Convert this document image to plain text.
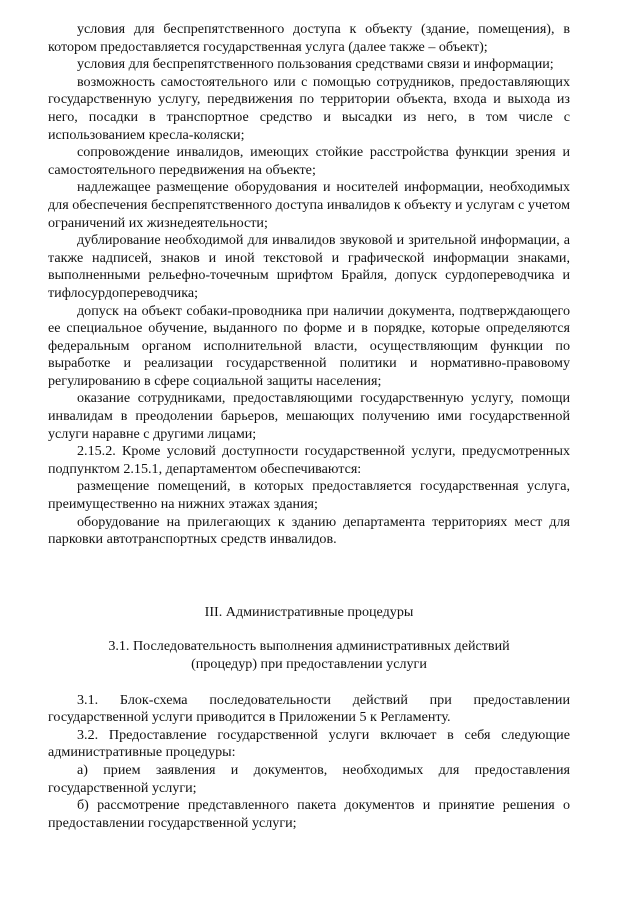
условия для беспрепятственного доступа к объекту (здание, помещения), в котором предоставляется государственная услуга (далее также – объект);

условия для беспрепятственного пользования средствами связи и информации;

возможность самостоятельного или с помощью сотрудников, предоставляющих государственную услугу, передвижения по территории объекта, входа и выхода из него, посадки в транспортное средство и высадки из него, в том числе с использованием кресла-коляски;

сопровождение инвалидов, имеющих стойкие расстройства функции зрения и самостоятельного передвижения на объекте;

надлежащее размещение оборудования и носителей информации, необходимых для обеспечения беспрепятственного доступа инвалидов к объекту и услугам с учетом ограничений их жизнедеятельности;

дублирование необходимой для инвалидов звуковой и зрительной информации, а также надписей, знаков и иной текстовой и графической информации знаками, выполненными рельефно-точечным шрифтом Брайля, допуск сурдопереводчика и тифлосурдопереводчика;

допуск на объект собаки-проводника при наличии документа, подтверждающего ее специальное обучение, выданного по форме и в порядке, которые определяются федеральным органом исполнительной власти, осуществляющим функции по выработке и реализации государственной политики и нормативно-правовому регулированию в сфере социальной защиты населения;

оказание сотрудниками, предоставляющими государственную услугу, помощи инвалидам в преодолении барьеров, мешающих получению ими государственной услуги наравне с другими лицами;

2.15.2. Кроме условий доступности государственной услуги, предусмотренных подпунктом 2.15.1, департаментом обеспечиваются:

размещение помещений, в которых предоставляется государственная услуга, преимущественно на нижних этажах здания;

оборудование на прилегающих к зданию департамента территориях мест для парковки автотранспортных средств инвалидов.

III. Административные процедуры

3.1. Последовательность выполнения административных действий (процедур) при предоставлении услуги

3.1. Блок-схема последовательности действий при предоставлении государственной услуги приводится в Приложении 5 к Регламенту.

3.2. Предоставление государственной услуги включает в себя следующие административные процедуры:

а) прием заявления и документов, необходимых для предоставления государственной услуги;

б) рассмотрение представленного пакета документов и принятие решения о предоставлении государственной услуги;
